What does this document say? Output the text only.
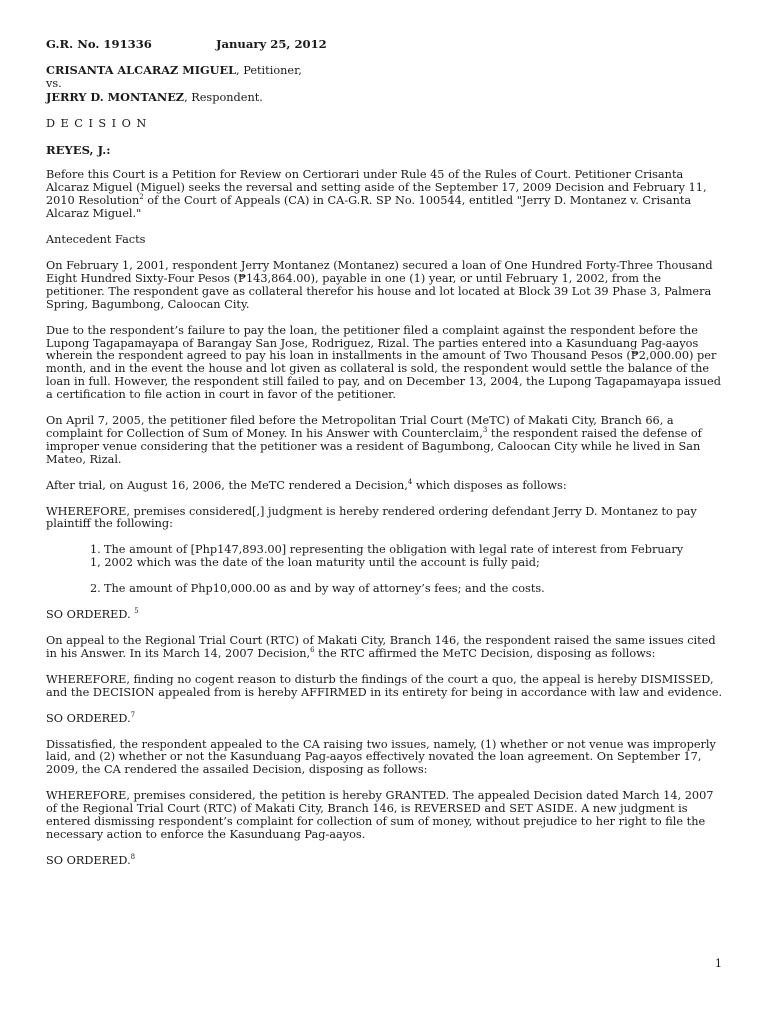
G.R. No. 191336	January 25, 2012

CRISANTA ALCARAZ MIGUEL, Petitioner,

vs.

JERRY D. MONTANEZ, Respondent.

DECISION

REYES, J.:

Before this Court is a Petition for Review on Certiorari under Rule 45 of the Rules of Court. Petitioner Crisanta Alcaraz Miguel (Miguel) seeks the reversal and setting aside of the September 17, 2009 Decision and February 11, 2010 Resolution$^2$ of the Court of Appeals (CA) in CA-G.R. SP No. 100544, entitled "Jerry D. Montanez v. Crisanta Alcaraz Miguel."

Antecedent Facts

On February 1, 2001, respondent Jerry Montanez (Montanez) secured a loan of One Hundred Forty-Three Thousand Eight Hundred Sixty-Four Pesos (₱143,864.00), payable in one (1) year, or until February 1, 2002, from the petitioner. The respondent gave as collateral therefor his house and lot located at Block 39 Lot 39 Phase 3, Palmera Spring, Bagumbong, Caloocan City.

Due to the respondent’s failure to pay the loan, the petitioner filed a complaint against the respondent before the Lupong Tagapamayapa of Barangay San Jose, Rodriguez, Rizal. The parties entered into a Kasunduang Pag-aayos wherein the respondent agreed to pay his loan in installments in the amount of Two Thousand Pesos (₱2,000.00) per month, and in the event the house and lot given as collateral is sold, the respondent would settle the balance of the loan in full. However, the respondent still failed to pay, and on December 13, 2004, the Lupong Tagapamayapa issued a certification to file action in court in favor of the petitioner.

On April 7, 2005, the petitioner filed before the Metropolitan Trial Court (MeTC) of Makati City, Branch 66, a complaint for Collection of Sum of Money. In his Answer with Counterclaim,$^3$ the respondent raised the defense of improper venue considering that the petitioner was a resident of Bagumbong, Caloocan City while he lived in San Mateo, Rizal.

After trial, on August 16, 2006, the MeTC rendered a Decision,$^4$ which disposes as follows:

WHEREFORE, premises considered[,] judgment is hereby rendered ordering defendant Jerry D. Montanez to pay plaintiff the following:

1. The amount of [Php147,893.00] representing the obligation with legal rate of interest from February

1, 2002 which was the date of the loan maturity until the account is fully paid;

2. The amount of Php10,000.00 as and by way of attorney’s fees; and the costs.

SO ORDERED. $^5$

On appeal to the Regional Trial Court (RTC) of Makati City, Branch 146, the respondent raised the same issues cited in his Answer. In its March 14, 2007 Decision,$^6$ the RTC affirmed the MeTC Decision, disposing as follows:

WHEREFORE, finding no cogent reason to disturb the findings of the court a quo, the appeal is hereby DISMISSED, and the DECISION appealed from is hereby AFFIRMED in its entirety for being in accordance with law and evidence.

SO ORDERED.$^7$

Dissatisfied, the respondent appealed to the CA raising two issues, namely, (1) whether or not venue was improperly laid, and (2) whether or not the Kasunduang Pag-aayos effectively novated the loan agreement. On September 17, 2009, the CA rendered the assailed Decision, disposing as follows:

WHEREFORE, premises considered, the petition is hereby GRANTED. The appealed Decision dated March 14, 2007 of the Regional Trial Court (RTC) of Makati City, Branch 146, is REVERSED and SET ASIDE. A new judgment is entered dismissing respondent’s complaint for collection of sum of money, without prejudice to her right to file the necessary action to enforce the Kasunduang Pag-aayos.

SO ORDERED.$^8$

1
